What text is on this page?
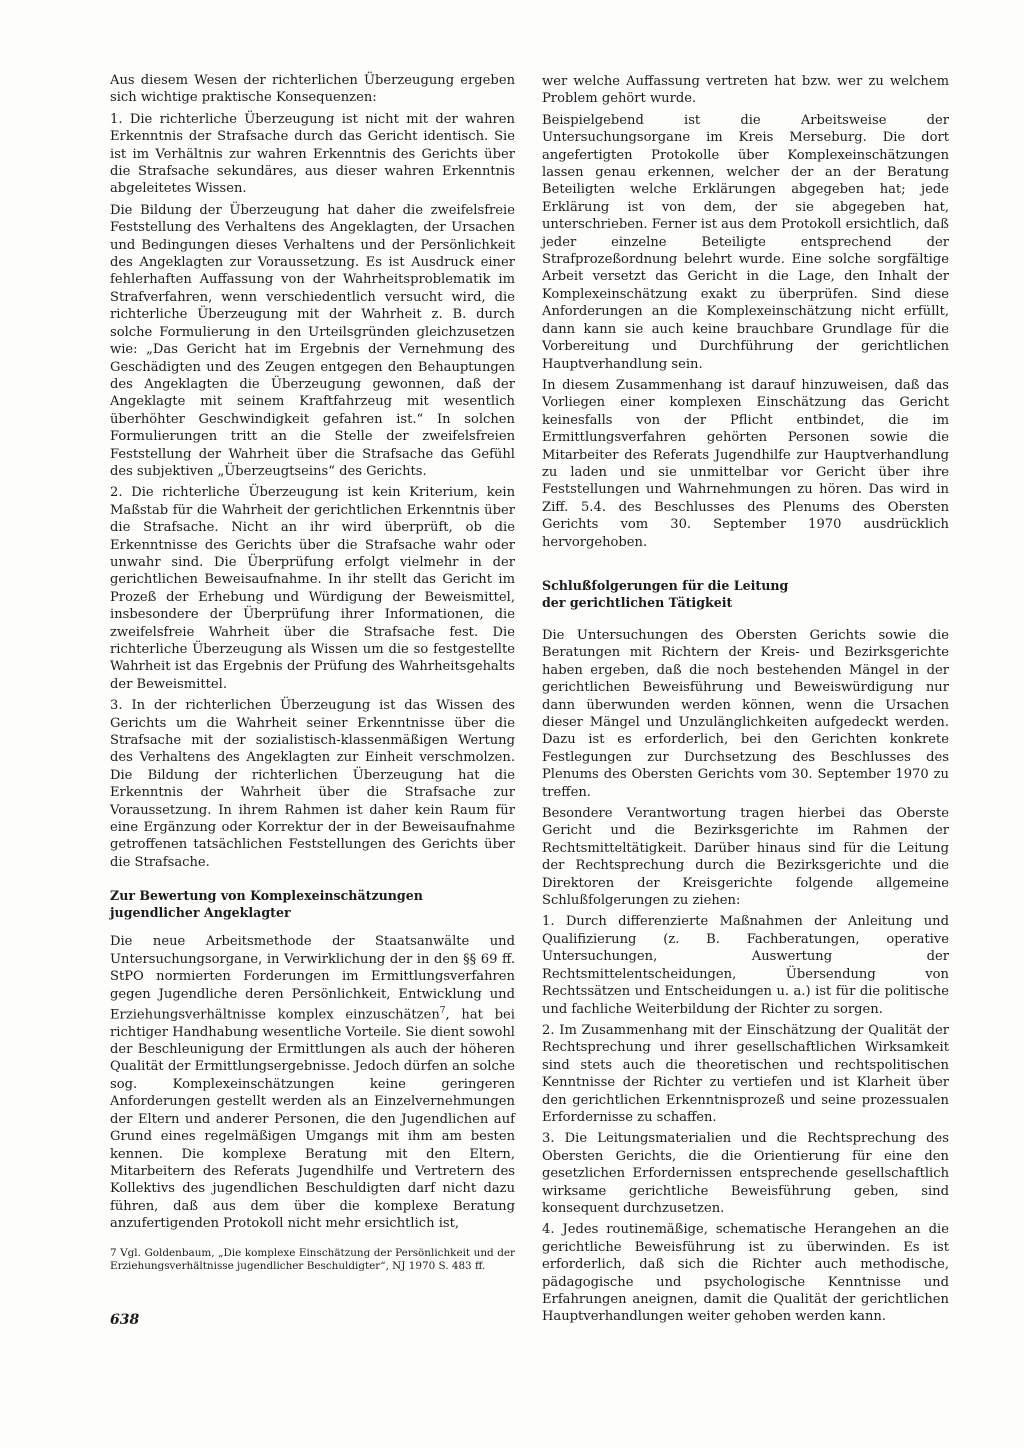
Aus diesem Wesen der richterlichen Überzeugung ergeben sich wichtige praktische Konsequenzen:

1. Die richterliche Überzeugung ist nicht mit der wahren Erkenntnis der Strafsache durch das Gericht identisch. Sie ist im Verhältnis zur wahren Erkenntnis des Gerichts über die Strafsache sekundäres, aus dieser wahren Erkenntnis abgeleitetes Wissen.

Die Bildung der Überzeugung hat daher die zweifelsfreie Feststellung des Verhaltens des Angeklagten, der Ursachen und Bedingungen dieses Verhaltens und der Persönlichkeit des Angeklagten zur Voraussetzung. Es ist Ausdruck einer fehlerhaften Auffassung von der Wahrheitsproblematik im Strafverfahren, wenn verschiedentlich versucht wird, die richterliche Überzeugung mit der Wahrheit z. B. durch solche Formulierung in den Urteilsgründen gleichzusetzen wie: „Das Gericht hat im Ergebnis der Vernehmung des Geschädigten und des Zeugen entgegen den Behauptungen des Angeklagten die Überzeugung gewonnen, daß der Angeklagte mit seinem Kraftfahrzeug mit wesentlich überhöhter Geschwindigkeit gefahren ist.“ In solchen Formulierungen tritt an die Stelle der zweifelsfreien Feststellung der Wahrheit über die Strafsache das Gefühl des subjektiven „Überzeugtseins“ des Gerichts.

2. Die richterliche Überzeugung ist kein Kriterium, kein Maßstab für die Wahrheit der gerichtlichen Erkenntnis über die Strafsache. Nicht an ihr wird überprüft, ob die Erkenntnisse des Gerichts über die Strafsache wahr oder unwahr sind. Die Überprüfung erfolgt vielmehr in der gerichtlichen Beweisaufnahme. In ihr stellt das Gericht im Prozeß der Erhebung und Würdigung der Beweismittel, insbesondere der Überprüfung ihrer Informationen, die zweifelsfreie Wahrheit über die Strafsache fest. Die richterliche Überzeugung als Wissen um die so festgestellte Wahrheit ist das Ergebnis der Prüfung des Wahrheitsgehalts der Beweismittel.

3. In der richterlichen Überzeugung ist das Wissen des Gerichts um die Wahrheit seiner Erkenntnisse über die Strafsache mit der sozialistisch-klassenmäßigen Wertung des Verhaltens des Angeklagten zur Einheit verschmolzen. Die Bildung der richterlichen Überzeugung hat die Erkenntnis der Wahrheit über die Strafsache zur Voraussetzung. In ihrem Rahmen ist daher kein Raum für eine Ergänzung oder Korrektur der in der Beweisaufnahme getroffenen tatsächlichen Feststellungen des Gerichts über die Strafsache.

Zur Bewertung von Komplexeinschätzungen
jugendlicher Angeklagter

Die neue Arbeitsmethode der Staatsanwälte und Untersuchungsorgane, in Verwirklichung der in den §§ 69 ff. StPO normierten Forderungen im Ermittlungsverfahren gegen Jugendliche deren Persönlichkeit, Entwicklung und Erziehungsverhältnisse komplex einzuschätzen$^7$, hat bei richtiger Handhabung wesentliche Vorteile. Sie dient sowohl der Beschleunigung der Ermittlungen als auch der höheren Qualität der Ermittlungsergebnisse. Jedoch dürfen an solche sog. Komplexeinschätzungen keine geringeren Anforderungen gestellt werden als an Einzelvernehmungen der Eltern und anderer Personen, die den Jugendlichen auf Grund eines regelmäßigen Umgangs mit ihm am besten kennen. Die komplexe Beratung mit den Eltern, Mitarbeitern des Referats Jugendhilfe und Vertretern des Kollektivs des jugendlichen Beschuldigten darf nicht dazu führen, daß aus dem über die komplexe Beratung anzufertigenden Protokoll nicht mehr ersichtlich ist,

7 Vgl. Goldenbaum, „Die komplexe Einschätzung der Persönlichkeit und der Erziehungsverhältnisse jugendlicher Beschuldigter“, NJ 1970 S. 483 ff.

wer welche Auffassung vertreten hat bzw. wer zu welchem Problem gehört wurde.

Beispielgebend ist die Arbeitsweise der Untersuchungsorgane im Kreis Merseburg. Die dort angefertigten Protokolle über Komplexeinschätzungen lassen genau erkennen, welcher der an der Beratung Beteiligten welche Erklärungen abgegeben hat; jede Erklärung ist von dem, der sie abgegeben hat, unterschrieben. Ferner ist aus dem Protokoll ersichtlich, daß jeder einzelne Beteiligte entsprechend der Strafprozeßordnung belehrt wurde. Eine solche sorgfältige Arbeit versetzt das Gericht in die Lage, den Inhalt der Komplexeinschätzung exakt zu überprüfen. Sind diese Anforderungen an die Komplexeinschätzung nicht erfüllt, dann kann sie auch keine brauchbare Grundlage für die Vorbereitung und Durchführung der gerichtlichen Hauptverhandlung sein.

In diesem Zusammenhang ist darauf hinzuweisen, daß das Vorliegen einer komplexen Einschätzung das Gericht keinesfalls von der Pflicht entbindet, die im Ermittlungsverfahren gehörten Personen sowie die Mitarbeiter des Referats Jugendhilfe zur Hauptverhandlung zu laden und sie unmittelbar vor Gericht über ihre Feststellungen und Wahrnehmungen zu hören. Das wird in Ziff. 5.4. des Beschlusses des Plenums des Obersten Gerichts vom 30. September 1970 ausdrücklich hervorgehoben.

Schlußfolgerungen für die Leitung
der gerichtlichen Tätigkeit

Die Untersuchungen des Obersten Gerichts sowie die Beratungen mit Richtern der Kreis- und Bezirksgerichte haben ergeben, daß die noch bestehenden Mängel in der gerichtlichen Beweisführung und Beweiswürdigung nur dann überwunden werden können, wenn die Ursachen dieser Mängel und Unzulänglichkeiten aufgedeckt werden. Dazu ist es erforderlich, bei den Gerichten konkrete Festlegungen zur Durchsetzung des Beschlusses des Plenums des Obersten Gerichts vom 30. September 1970 zu treffen.

Besondere Verantwortung tragen hierbei das Oberste Gericht und die Bezirksgerichte im Rahmen der Rechtsmitteltätigkeit. Darüber hinaus sind für die Leitung der Rechtsprechung durch die Bezirksgerichte und die Direktoren der Kreisgerichte folgende allgemeine Schlußfolgerungen zu ziehen:

1. Durch differenzierte Maßnahmen der Anleitung und Qualifizierung (z. B. Fachberatungen, operative Untersuchungen, Auswertung der Rechtsmittelentscheidungen, Übersendung von Rechtssätzen und Entscheidungen u. a.) ist für die politische und fachliche Weiterbildung der Richter zu sorgen.

2. Im Zusammenhang mit der Einschätzung der Qualität der Rechtsprechung und ihrer gesellschaftlichen Wirksamkeit sind stets auch die theoretischen und rechtspolitischen Kenntnisse der Richter zu vertiefen und ist Klarheit über den gerichtlichen Erkenntnisprozeß und seine prozessualen Erfordernisse zu schaffen.

3. Die Leitungsmaterialien und die Rechtsprechung des Obersten Gerichts, die die Orientierung für eine den gesetzlichen Erfordernissen entsprechende gesellschaftlich wirksame gerichtliche Beweisführung geben, sind konsequent durchzusetzen.

4. Jedes routinemäßige, schematische Herangehen an die gerichtliche Beweisführung ist zu überwinden. Es ist erforderlich, daß sich die Richter auch methodische, pädagogische und psychologische Kenntnisse und Erfahrungen aneignen, damit die Qualität der gerichtlichen Hauptverhandlungen weiter gehoben werden kann.

638
